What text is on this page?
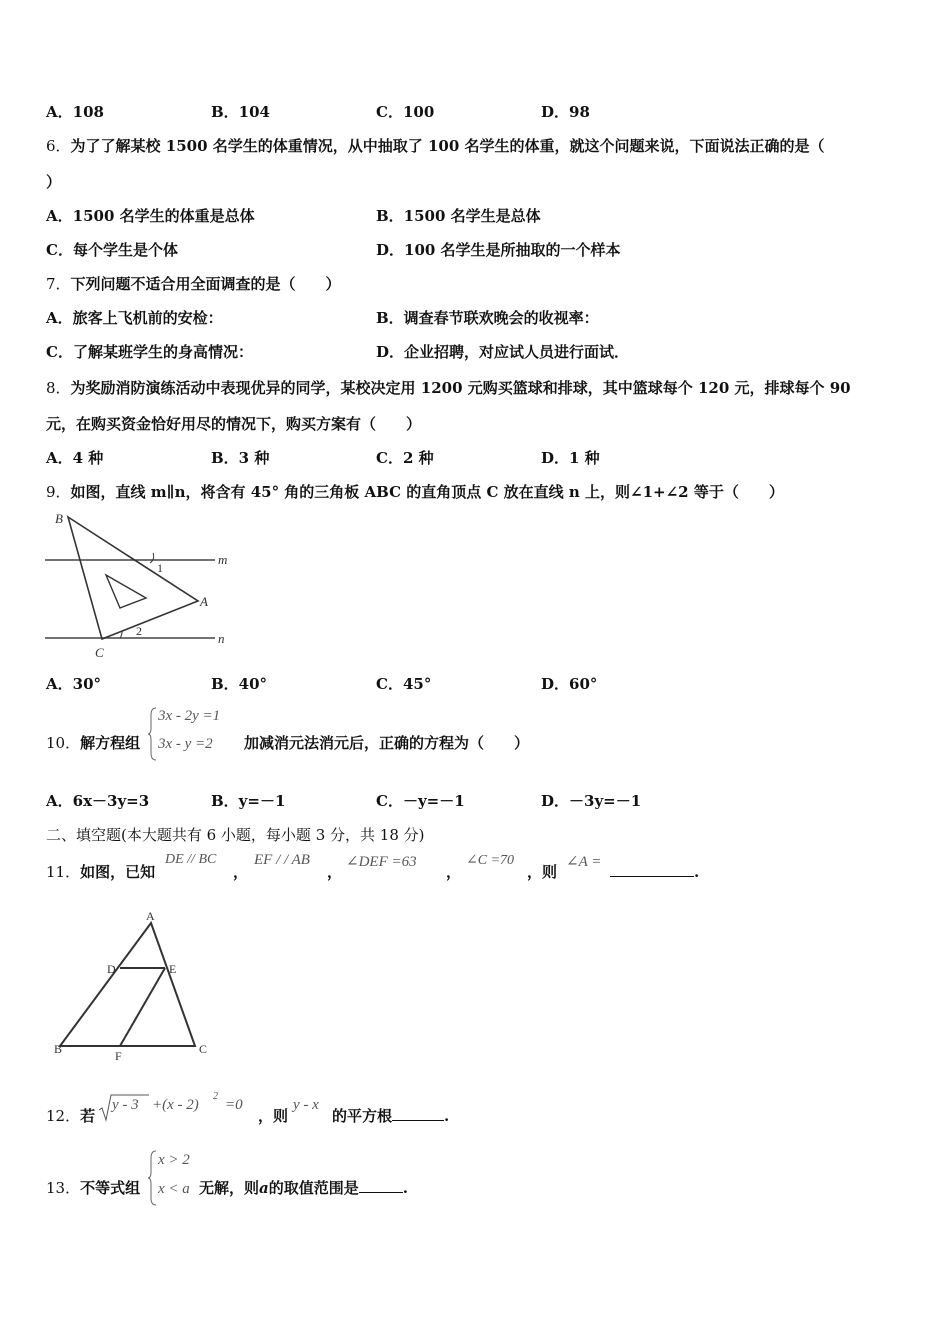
A．108	B．104	C．100	D．98
6．为了了解某校 1500 名学生的体重情况，从中抽取了 100 名学生的体重，就这个问题来说，下面说法正确的是（
）
A．1500 名学生的体重是总体	B．1500 名学生是总体
C．每个学生是个体	D．100 名学生是所抽取的一个样本
7．下列问题不适合用全面调查的是（　　）
A．旅客上飞机前的安检：	B．调查春节联欢晚会的收视率：
C．了解某班学生的身高情况：	D．企业招聘，对应试人员进行面试．
8．为奖励消防演练活动中表现优异的同学，某校决定用 1200 元购买篮球和排球，其中篮球每个 120 元，排球每个 90
元，在购买资金恰好用尽的情况下，购买方案有（　　）
A．4 种	B．3 种	C．2 种	D．1 种
9．如图，直线 m∥n，将含有 45° 角的三角板 ABC 的直角顶点 C 放在直线 n 上，则∠1+∠2 等于（　　）
B
A
C
m
n
1
2
A．30°	B．40°	C．45°	D．60°
10．解方程组
3x - 2y =1
3x - y =2 加减消元法消元后，正确的方程为（　　）
A．6x－3y=3	B．y=－1	C．－y=－1	D．－3y=－1
二、填空题(本大题共有 6 小题，每小题 3 分，共 18 分)
11．如图，已知
DE // BC
，
EF / / AB
，
∠DEF =63
，
∠C =70
，则
∠A =
.
A
D	E
B	F	C
12．若
y - 3 +(x - 2)
2
=0
，则
y - x
的平方根	.
13．不等式组
x > 2
x < a 无解，则a的取值范围是	.
